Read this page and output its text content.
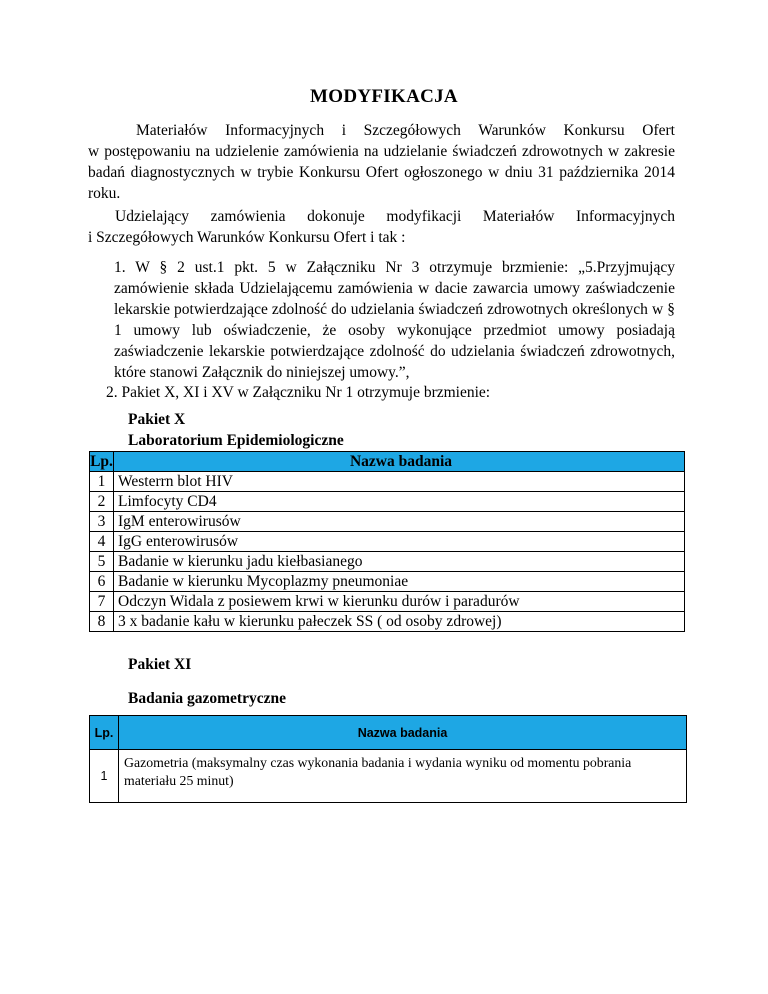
MODYFIKACJA
Materiałów Informacyjnych i Szczegółowych Warunków Konkursu Ofert
w postępowaniu na udzielenie zamówienia na udzielanie świadczeń zdrowotnych w zakresie
badań diagnostycznych w trybie Konkursu Ofert ogłoszonego w dniu 31 października 2014
roku.
Udzielający zamówienia dokonuje modyfikacji Materiałów Informacyjnych
i Szczegółowych Warunków Konkursu Ofert i tak :
1. W § 2 ust.1 pkt. 5 w Załączniku Nr 3 otrzymuje brzmienie: „5.Przyjmujący
zamówienie składa Udzielającemu zamówienia w dacie zawarcia umowy zaświadczenie
lekarskie potwierdzające zdolność do udzielania świadczeń zdrowotnych określonych w §
1 umowy lub oświadczenie, że osoby wykonujące przedmiot umowy posiadają
zaświadczenie lekarskie potwierdzające zdolność do udzielania świadczeń zdrowotnych,
które stanowi Załącznik do niniejszej umowy.”,
2. Pakiet X, XI i XV w Załączniku Nr 1 otrzymuje brzmienie:
Pakiet X
Laboratorium Epidemiologiczne
Lp.	Nazwa badania
1	Westerrn blot HIV
2	Limfocyty CD4
3	IgM enterowirusów
4	IgG enterowirusów
5	Badanie w kierunku jadu kiełbasianego
6	Badanie w kierunku Mycoplazmy pneumoniae
7	Odczyn Widala z posiewem krwi w kierunku durów i paradurów
8	3 x badanie kału w kierunku pałeczek SS ( od osoby zdrowej)
Pakiet XI
Badania gazometryczne
Lp.	Nazwa badania
1	Gazometria (maksymalny czas wykonania badania i wydania wyniku od momentu pobrania
materiału 25 minut)
